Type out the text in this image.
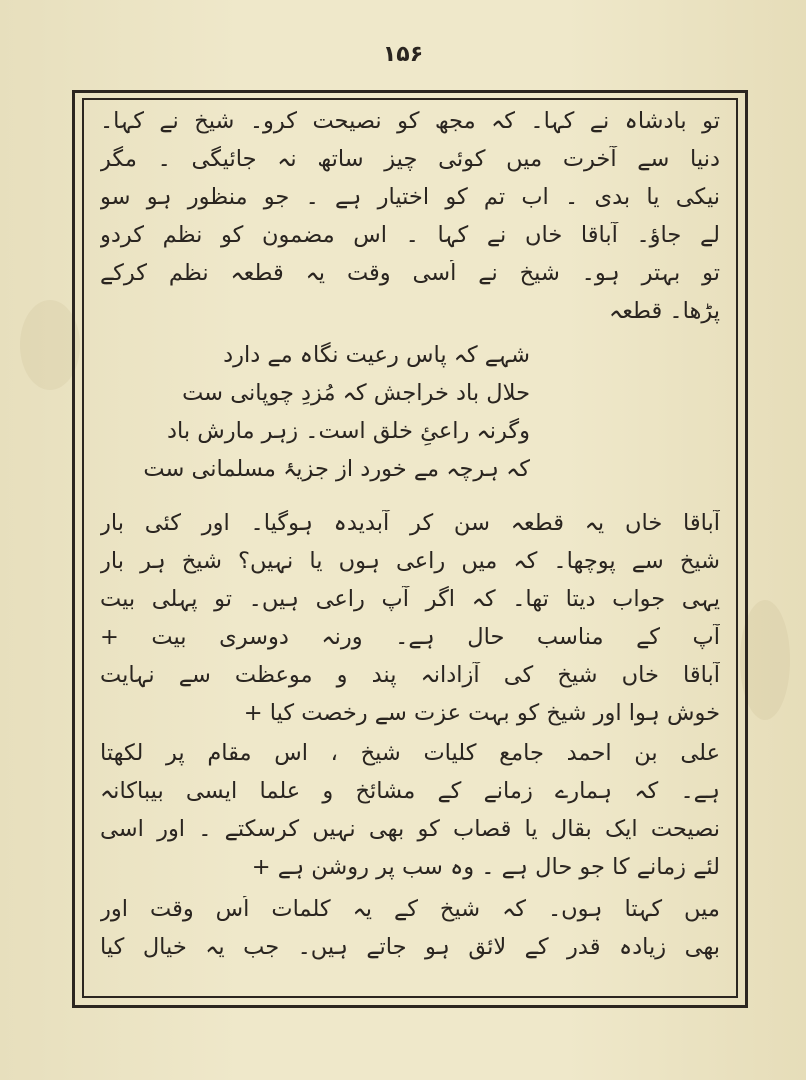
۱۵۶
تو بادشاہ نے کہا۔ کہ مجھ کو نصیحت کرو۔ شیخ نے کہا۔
دنیا سے آخرت میں کوئی چیز ساتھ نہ جائیگی ۔ مگر
نیکی یا بدی ۔ اب تم کو اختیار ہے ۔ جو منظور ہو سو
لے جاؤ۔ آباقا خاں نے کہا ۔ اس مضمون کو نظم کردو
تو بہتر ہو۔ شیخ نے اُسی وقت یہ قطعہ نظم کرکے
پڑھا۔ قطعہ
شہے کہ پاس رعیت نگاہ مے دارد
حلال باد خراجش کہ مُزدِ چوپانی ست
وگرنہ راعئِ خلق است۔ زہر مارش باد
کہ ہرچہ مے خورد از جزیۂ مسلمانی ست
آباقا خاں یہ قطعہ سن کر آبدیدہ ہوگیا۔ اور کئی بار
شیخ سے پوچھا۔ کہ میں راعی ہوں یا نہیں؟ شیخ ہر بار
یہی جواب دیتا تھا۔ کہ اگر آپ راعی ہیں۔ تو پہلی بیت
آپ کے مناسب حال ہے۔ ورنہ دوسری بیت +
آباقا خاں شیخ کی آزادانہ پند و موعظت سے نہایت
خوش ہوا اور شیخ کو بہت عزت سے رخصت کیا +
علی بن احمد جامع کلیات شیخ ، اس مقام پر لکھتا
ہے۔ کہ ہمارے زمانے کے مشائخ و علما ایسی بیباکانہ
نصیحت ایک بقال یا قصاب کو بھی نہیں کرسکتے ۔ اور اسی
لئے زمانے کا جو حال ہے ۔ وہ سب پر روشن ہے +
میں کہتا ہوں۔ کہ شیخ کے یہ کلمات اُس وقت اور
بھی زیادہ قدر کے لائق ہو جاتے ہیں۔ جب یہ خیال کیا
